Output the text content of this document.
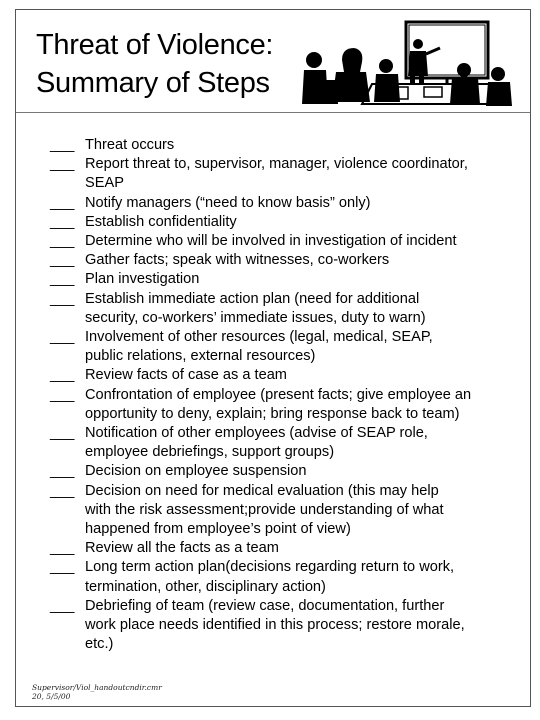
Threat of Violence:
Summary of Steps
___ Threat occurs
___ Report threat to, supervisor, manager, violence coordinator,
SEAP
___ Notify managers (“need to know basis” only)
___ Establish confidentiality
___ Determine who will be involved in investigation of incident
___ Gather facts; speak with witnesses, co-workers
___ Plan investigation
___ Establish immediate action plan (need for additional
security, co-workers’ immediate issues, duty to warn)
___ Involvement of other resources (legal, medical, SEAP,
public relations, external resources)
___ Review facts of case as a team
___ Confrontation of employee (present facts; give employee an
opportunity to deny, explain; bring response back to team)
___ Notification of other employees (advise of SEAP role,
employee debriefings, support groups)
___ Decision on employee suspension
___ Decision on need for medical evaluation (this may help
with the risk assessment;provide understanding of what
happened from employee’s point of view)
___ Review all the facts as a team
___ Long term action plan(decisions regarding return to work,
termination, other, disciplinary action)
___ Debriefing of team (review case, documentation, further
work place needs identified in this process; restore morale,
etc.)
Supervisor/Viol_handoutcndir.cmr
20, 5/5/00
